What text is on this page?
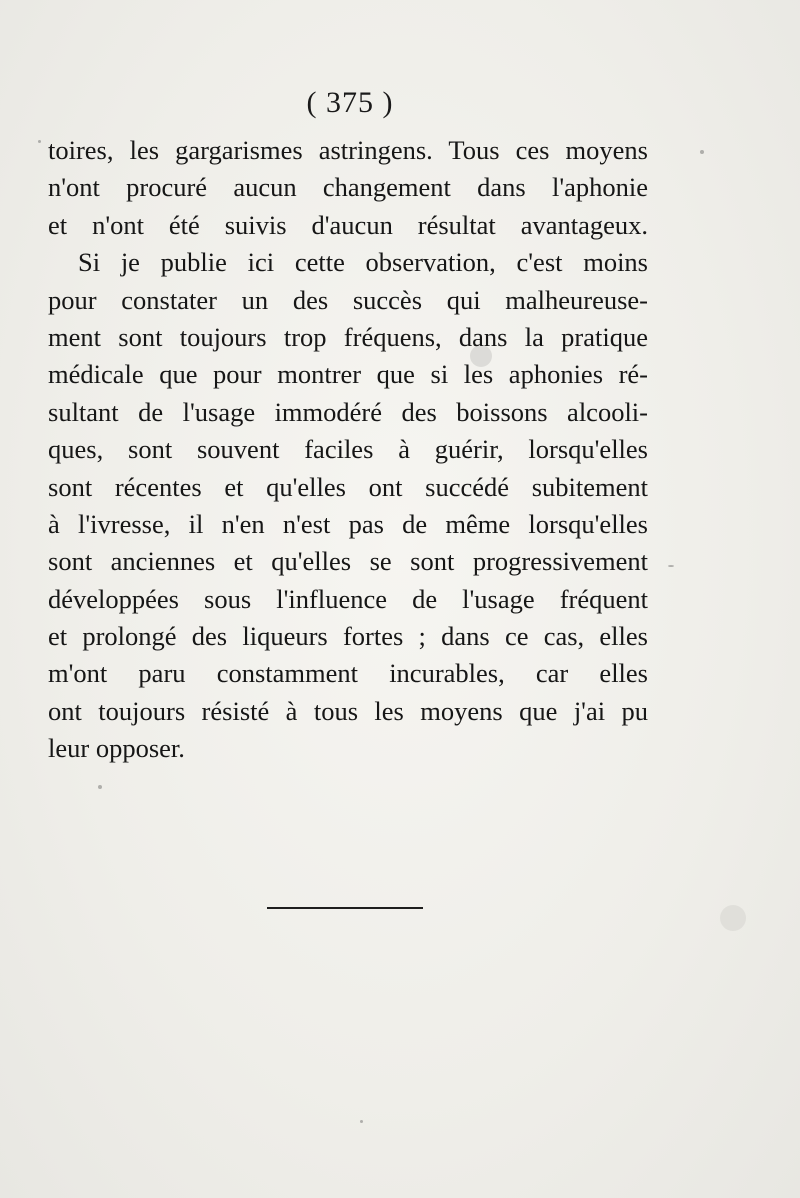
( 375 )
toires, les gargarismes astringens. Tous ces moyens
n'ont procuré aucun changement dans l'aphonie
et n'ont été suivis d'aucun résultat avantageux.
Si je publie ici cette observation, c'est moins
pour constater un des succès qui malheureuse-
ment sont toujours trop fréquens, dans la pratique
médicale que pour montrer que si les aphonies ré-
sultant de l'usage immodéré des boissons alcooli-
ques, sont souvent faciles à guérir, lorsqu'elles
sont récentes et qu'elles ont succédé subitement
à l'ivresse, il n'en n'est pas de même lorsqu'elles
sont anciennes et qu'elles se sont progressivement
développées sous l'influence de l'usage fréquent
et prolongé des liqueurs fortes ; dans ce cas, elles
m'ont paru constamment incurables, car elles
ont toujours résisté à tous les moyens que j'ai pu
leur opposer.
